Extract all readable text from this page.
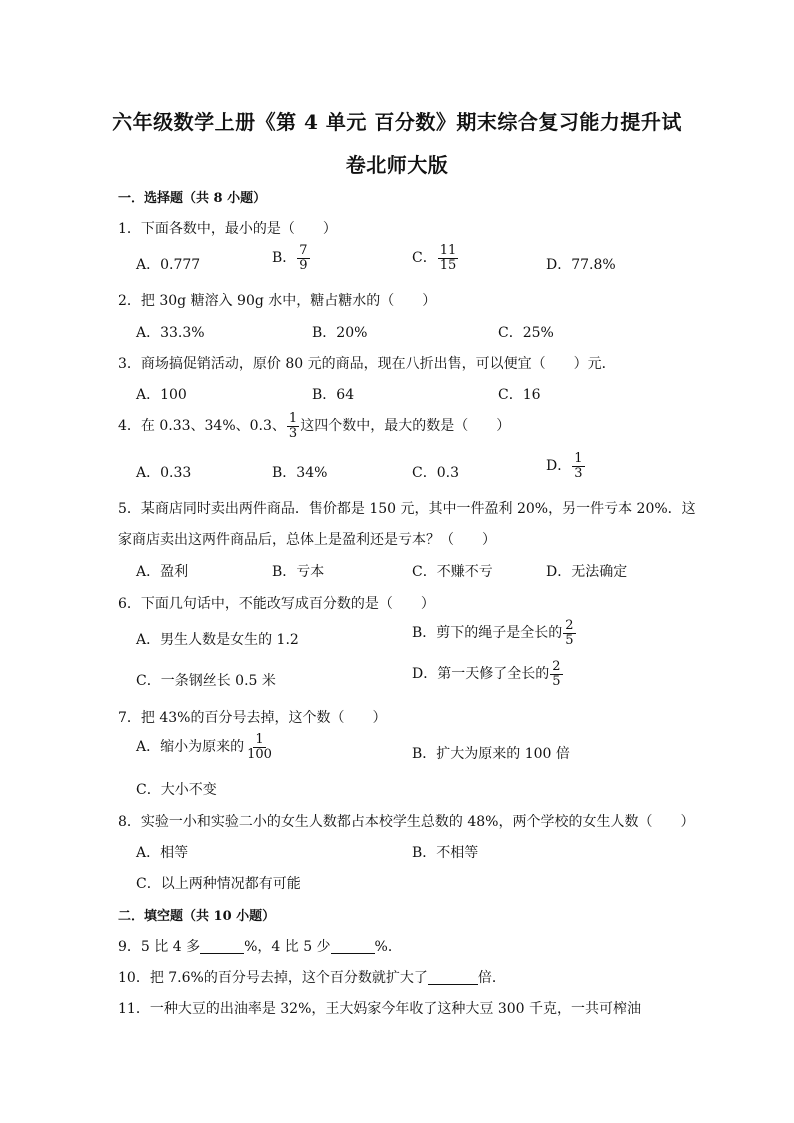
六年级数学上册《第 4 单元 百分数》期末综合复习能力提升试
卷北师大版
一．选择题（共 8 小题）
1．下面各数中，最小的是（　　）
A．0.777	B． $\frac{7}{9}$	C． $\frac{11}{15}$	D．77.8%
2．把 30g 糖溶入 90g 水中，糖占糖水的（　　）
A．33.3%	B．20%	C．25%
3．商场搞促销活动，原价 80 元的商品，现在八折出售，可以便宜（　　）元．
A．100	B．64	C．16
4．在 0.33、34%、0.3、 $\frac{1}{3}$ 这四个数中，最大的数是（　　）
A．0.33	B．34%	C．0.3	D． $\frac{1}{3}$
5．某商店同时卖出两件商品．售价都是 150 元，其中一件盈利 20%，另一件亏本 20%．这
家商店卖出这两件商品后，总体上是盈利还是亏本？（　　）
A．盈利	B．亏本	C．不赚不亏	D．无法确定
6．下面几句话中，不能改写成百分数的是（　　）
A．男生人数是女生的 1.2	B．剪下的绳子是全长的 $\frac{2}{5}$
C．一条钢丝长 0.5 米	D．第一天修了全长的 $\frac{2}{5}$
7．把 43%的百分号去掉，这个数（　　）
A．缩小为原来的 $\frac{1}{100}$	B．扩大为原来的 100 倍
C．大小不变
8．实验一小和实验二小的女生人数都占本校学生总数的 48%，两个学校的女生人数（　　）
A．相等	B．不相等
C．以上两种情况都有可能
二．填空题（共 10 小题）
9．5 比 4 多	%，4 比 5 少	%．
10．把 7.6%的百分号去掉，这个百分数就扩大了	倍．
11．一种大豆的出油率是 32%，王大妈家今年收了这种大豆 300 千克，一共可榨油
